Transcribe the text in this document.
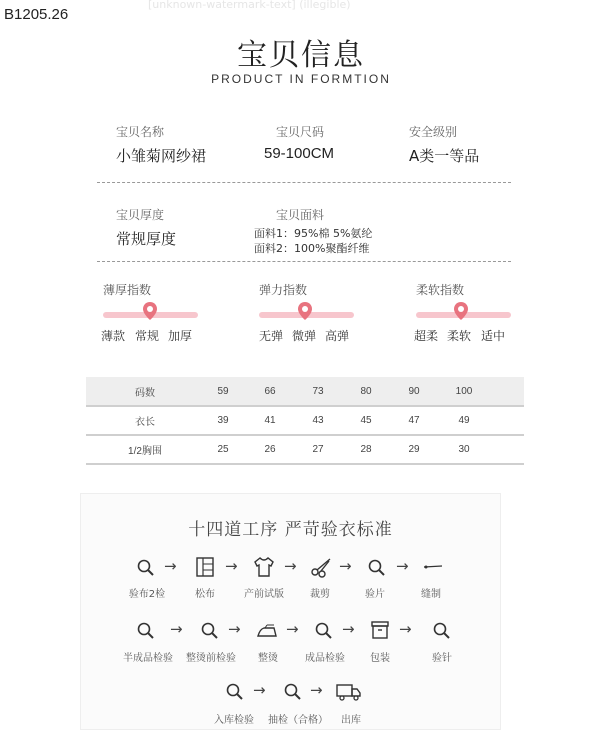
B1205.26
[unknown-watermark-text] (illegible)
宝贝信息
PRODUCT IN FORMTION
宝贝名称
小雏菊网纱裙
宝贝尺码
59-100CM
安全级别
A类一等品
宝贝厚度
常规厚度
宝贝面料
面料1：95%棉 5%氨纶
面料2：100%聚酯纤维
薄厚指数
薄款 常规 加厚
弹力指数
无弹 微弹 高弹
柔软指数
超柔 柔软 适中
码数	59	66	73	80	90	100	
衣长	39	41	43	45	47	49	
1/2胸围	25	26	27	28	29	30	
十四道工序 严苛验衣标准
→	→	→	→	→
验布2检	松布	产前试版	裁剪	验片	缝制
→	→	→	→	→
半成品检验	整烫前检验	整烫	成品检验	包装	验针
→	→
入库检验	抽检（合格）	出库
